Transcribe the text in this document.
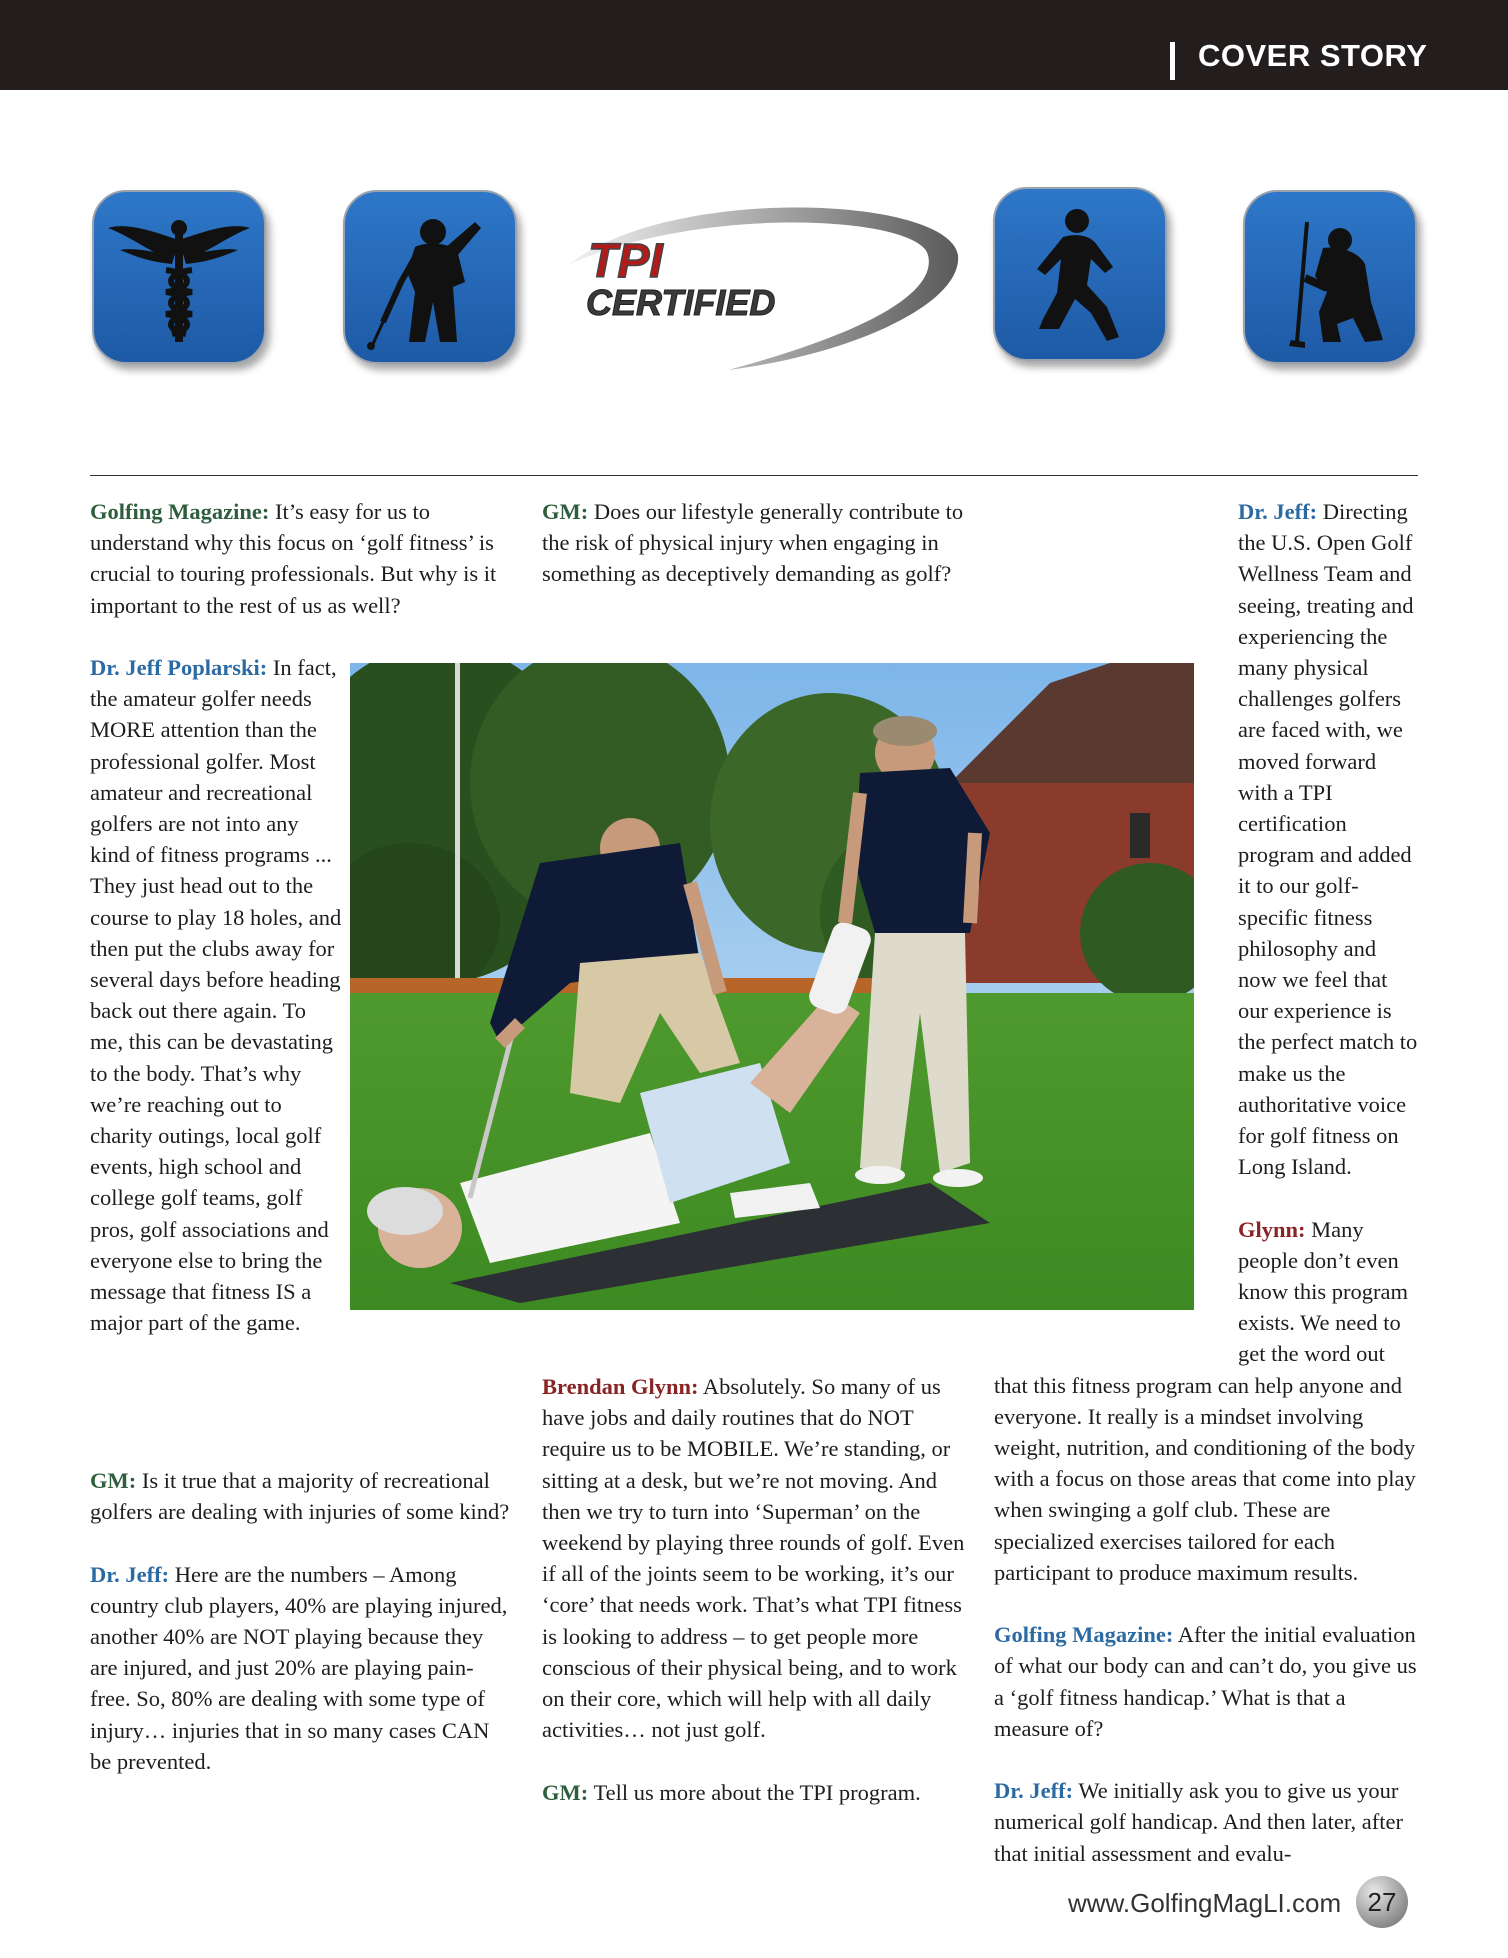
COVER STORY
TPI
CERTIFIED

Golfing Magazine: It’s easy for us to understand why this focus on ‘golf fitness’ is crucial to touring professionals. But why is it important to the rest of us as well?

Dr. Jeff Poplarski: In fact, the amateur golfer needs MORE attention than the professional golfer. Most amateur and recreational golfers are not into any kind of fitness programs ... They just head out to the course to play 18 holes, and then put the clubs away for several days before heading back out there again. To me, this can be devastating to the body. That’s why we’re reaching out to charity outings, local golf events, high school and college golf teams, golf pros, golf associations and everyone else to bring the message that fitness IS a major part of the game.

GM: Is it true that a majority of recreational golfers are dealing with injuries of some kind?

Dr. Jeff: Here are the numbers – Among country club players, 40% are playing injured, another 40% are NOT playing because they are injured, and just 20% are playing pain-free. So, 80% are dealing with some type of injury… injuries that in so many cases CAN be prevented.

GM: Does our lifestyle generally contribute to the risk of physical injury when engaging in something as deceptively demanding as golf?

Brendan Glynn: Absolutely. So many of us have jobs and daily routines that do NOT require us to be MOBILE. We’re standing, or sitting at a desk, but we’re not moving. And then we try to turn into ‘Superman’ on the weekend by playing three rounds of golf. Even if all of the joints seem to be working, it’s our ‘core’ that needs work. That’s what TPI fitness is looking to address – to get people more conscious of their physical being, and to work on their core, which will help with all daily activities… not just golf.

GM: Tell us more about the TPI program.

Dr. Jeff: Directing the U.S. Open Golf Wellness Team and seeing, treating and experiencing the many physical challenges golfers are faced with, we moved forward with a TPI certification program and added it to our golf-specific fitness philosophy and now we feel that our experience is the perfect match to make us the authoritative voice for golf fitness on Long Island.

Glynn: Many people don’t even know this program exists. We need to get the word out that this fitness program can help anyone and everyone. It really is a mindset involving weight, nutrition, and conditioning of the body with a focus on those areas that come into play when swinging a golf club. These are specialized exercises tailored for each participant to produce maximum results.

Golfing Magazine: After the initial evaluation of what our body can and can’t do, you give us a ‘golf fitness handicap.’ What is that a measure of?

Dr. Jeff: We initially ask you to give us your numerical golf handicap. And then later, after that initial assessment and evalu-

www.GolfingMagLI.com	27
